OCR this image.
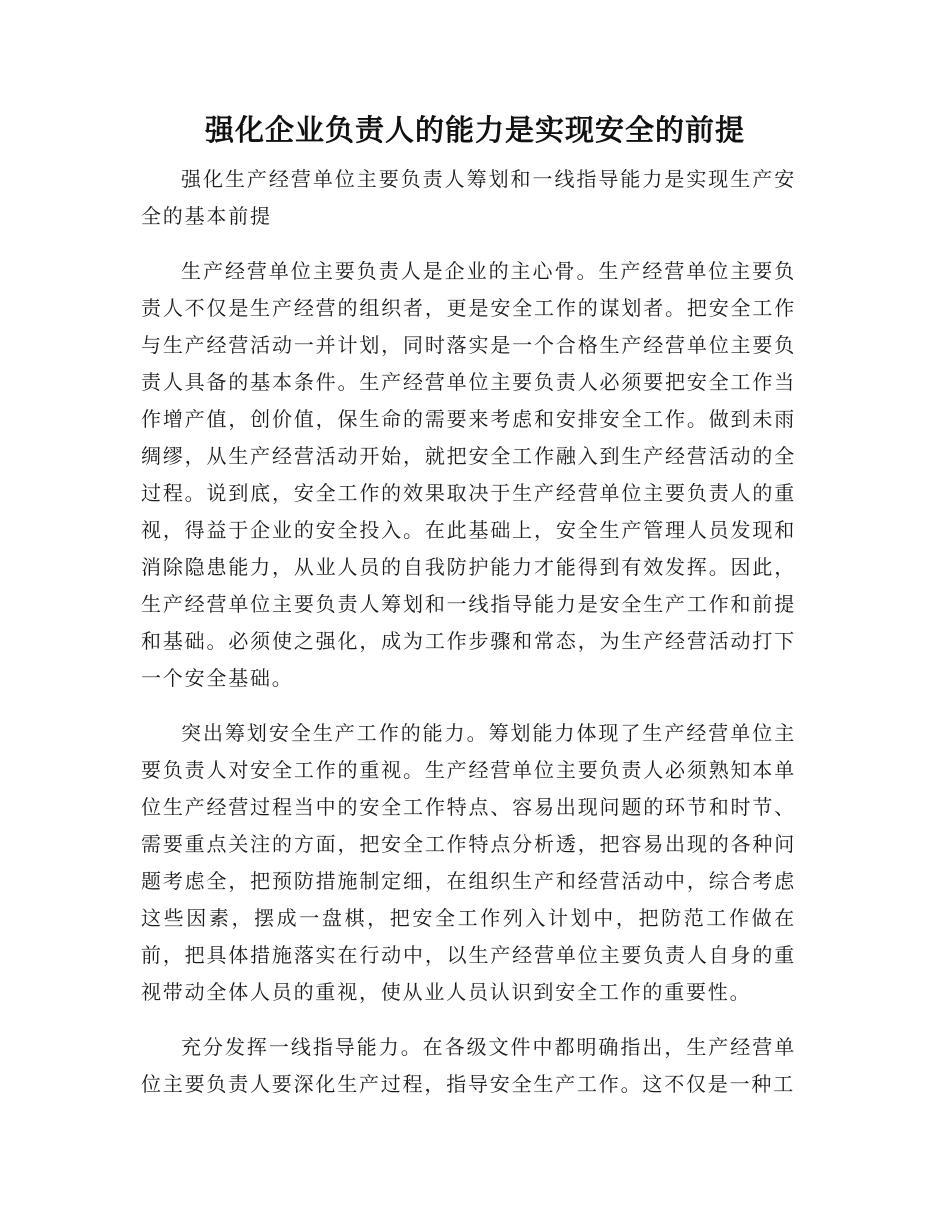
强化企业负责人的能力是实现安全的前提

强化生产经营单位主要负责人筹划和一线指导能力是实现生产安全的基本前提

生产经营单位主要负责人是企业的主心骨。生产经营单位主要负责人不仅是生产经营的组织者，更是安全工作的谋划者。把安全工作与生产经营活动一并计划，同时落实是一个合格生产经营单位主要负责人具备的基本条件。生产经营单位主要负责人必须要把安全工作当作增产值，创价值，保生命的需要来考虑和安排安全工作。做到未雨绸缪，从生产经营活动开始，就把安全工作融入到生产经营活动的全过程。说到底，安全工作的效果取决于生产经营单位主要负责人的重视，得益于企业的安全投入。在此基础上，安全生产管理人员发现和消除隐患能力，从业人员的自我防护能力才能得到有效发挥。因此，生产经营单位主要负责人筹划和一线指导能力是安全生产工作和前提和基础。必须使之强化，成为工作步骤和常态，为生产经营活动打下一个安全基础。

突出筹划安全生产工作的能力。筹划能力体现了生产经营单位主要负责人对安全工作的重视。生产经营单位主要负责人必须熟知本单位生产经营过程当中的安全工作特点、容易出现问题的环节和时节、需要重点关注的方面，把安全工作特点分析透，把容易出现的各种问题考虑全，把预防措施制定细，在组织生产和经营活动中，综合考虑这些因素，摆成一盘棋，把安全工作列入计划中，把防范工作做在前，把具体措施落实在行动中，以生产经营单位主要负责人自身的重视带动全体人员的重视，使从业人员认识到安全工作的重要性。

充分发挥一线指导能力。在各级文件中都明确指出，生产经营单位主要负责人要深化生产过程，指导安全生产工作。这不仅是一种工
